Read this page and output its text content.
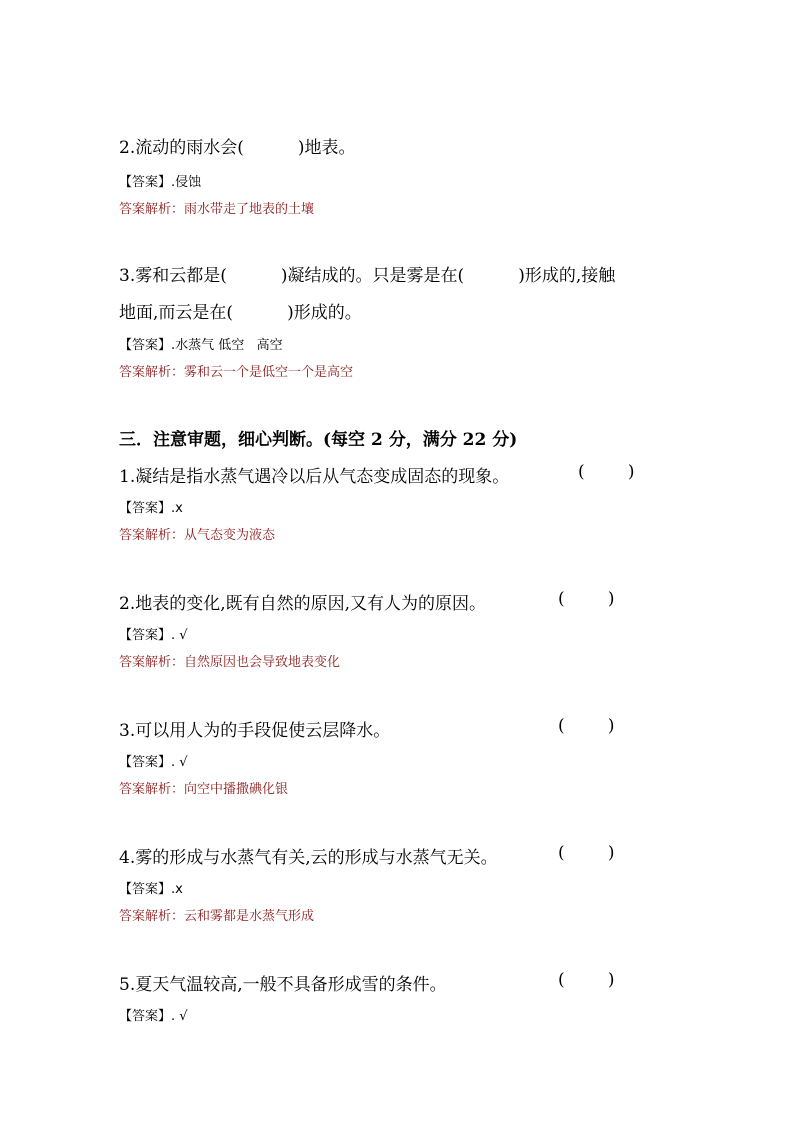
2.流动的雨水会(          )地表。
【答案】.侵蚀
答案解析：雨水带走了地表的土壤
3.雾和云都是(          )凝结成的。只是雾是在(          )形成的,接触
地面,而云是在(          )形成的。
【答案】.水蒸气 低空   高空
答案解析：雾和云一个是低空一个是高空
三．注意审题，细心判断。(每空 2 分，满分 22 分)
1.凝结是指水蒸气遇冷以后从气态变成固态的现象。	(        )
【答案】.x
答案解析：从气态变为液态
2.地表的变化,既有自然的原因,又有人为的原因。	(        )
【答案】. √
答案解析：自然原因也会导致地表变化
3.可以用人为的手段促使云层降水。	(        )
【答案】. √
答案解析：向空中播撒碘化银
4.雾的形成与水蒸气有关,云的形成与水蒸气无关。	(        )
【答案】.x
答案解析：云和雾都是水蒸气形成
5.夏天气温较高,一般不具备形成雪的条件。	(        )
【答案】. √
